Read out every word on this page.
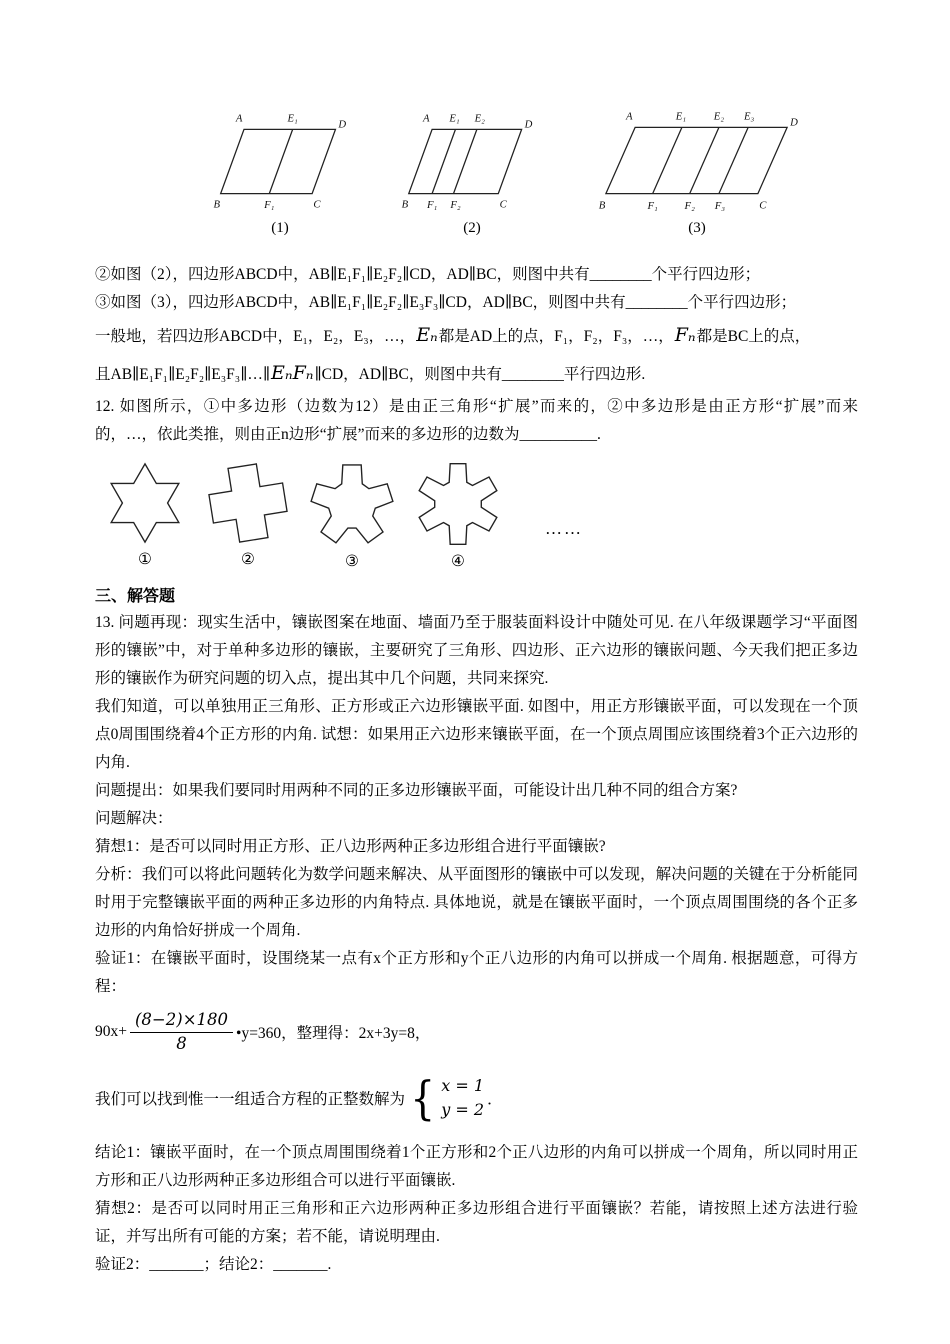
A	E₁	D
B	F₁	C
(1)
A E₁ E₂	D
B F₁ F₂	C
(2)
A	E₁	E₂ E₃	D
B	F₁ F₂ F₃	C
(3)

②如图（2），四边形ABCD中，AB∥E₁F₁∥E₂F₂∥CD，AD∥BC，则图中共有________个平行四边形；

③如图（3），四边形ABCD中，AB∥E₁F₁∥E₂F₂∥E₃F₃∥CD，AD∥BC，则图中共有________个平行四边形；

一般地，若四边形ABCD中，E₁，E₂，E₃，…，Eₙ都是AD上的点，F₁，F₂，F₃，…，Fₙ都是BC上的点，

且AB∥E₁F₁∥E₂F₂∥E₃F₃∥…∥EₙFₙ∥CD，AD∥BC，则图中共有________平行四边形.

12. 如图所示，①中多边形（边数为12）是由正三角形“扩展”而来的，②中多边形是由正方形“扩展”而来的，…，依此类推，则由正n边形“扩展”而来的多边形的边数为__________.

①	②	③	④
……
三、解答题

13. 问题再现：现实生活中，镶嵌图案在地面、墙面乃至于服装面料设计中随处可见. 在八年级课题学习“平面图形的镶嵌”中，对于单种多边形的镶嵌，主要研究了三角形、四边形、正六边形的镶嵌问题、今天我们把正多边形的镶嵌作为研究问题的切入点，提出其中几个问题，共同来探究.

我们知道，可以单独用正三角形、正方形或正六边形镶嵌平面. 如图中，用正方形镶嵌平面，可以发现在一个顶点0周围围绕着4个正方形的内角. 试想：如果用正六边形来镶嵌平面，在一个顶点周围应该围绕着3个正六边形的内角.

问题提出：如果我们要同时用两种不同的正多边形镶嵌平面，可能设计出几种不同的组合方案?

问题解决：

猜想1：是否可以同时用正方形、正八边形两种正多边形组合进行平面镶嵌?

分析：我们可以将此问题转化为数学问题来解决、从平面图形的镶嵌中可以发现，解决问题的关键在于分析能同时用于完整镶嵌平面的两种正多边形的内角特点. 具体地说，就是在镶嵌平面时，一个顶点周围围绕的各个正多边形的内角恰好拼成一个周角.

验证1：在镶嵌平面时，设围绕某一点有x个正方形和y个正八边形的内角可以拼成一个周角. 根据题意，可得方程：

$90x+ \frac{(8-2)\times 180}{8}$ •y=360，整理得：2x+3y=8，
我们可以找到惟一一组适合方程的正整数解为 { x = 1
y = 2
．

结论1：镶嵌平面时，在一个顶点周围围绕着1个正方形和2个正八边形的内角可以拼成一个周角，所以同时用正方形和正八边形两种正多边形组合可以进行平面镶嵌.

猜想2：是否可以同时用正三角形和正六边形两种正多边形组合进行平面镶嵌？若能，请按照上述方法进行验证，并写出所有可能的方案；若不能，请说明理由.

验证2：_______；结论2：_______.
